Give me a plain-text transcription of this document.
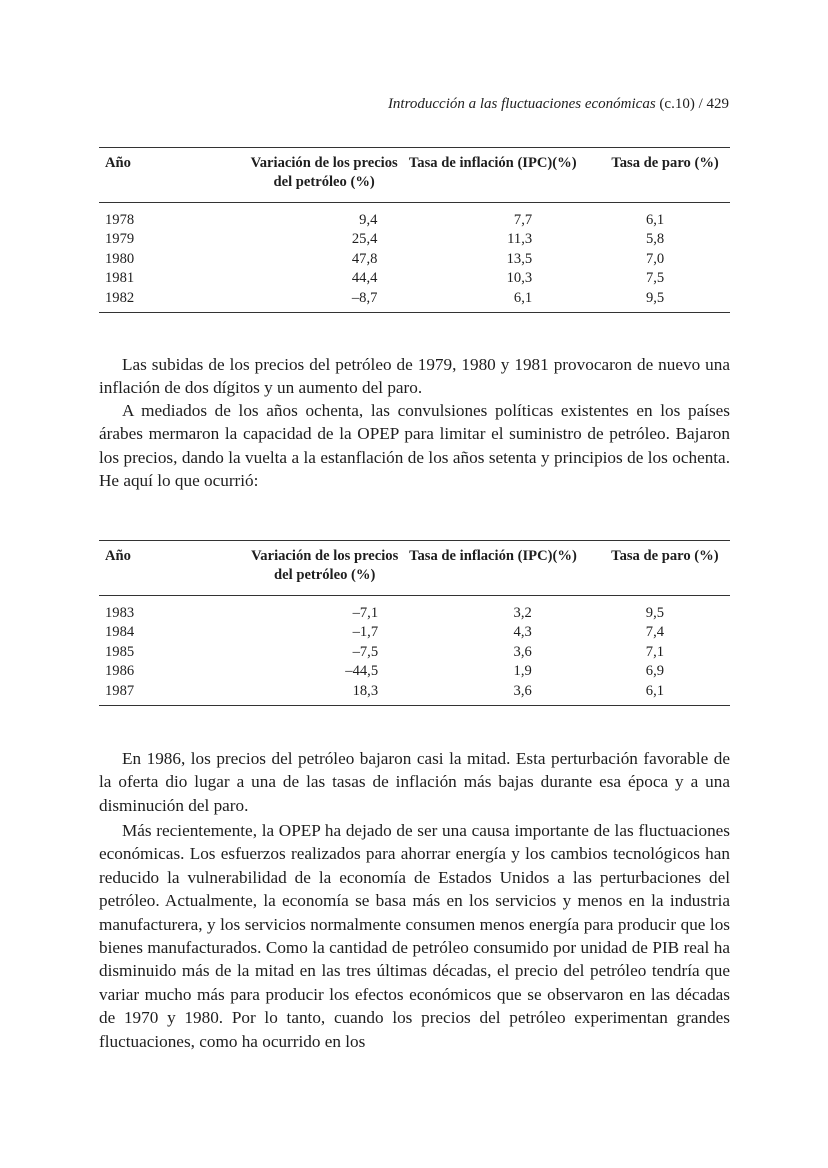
Introducción a las fluctuaciones económicas (c.10) / 429
Año	Variación de los precios del petróleo (%)	Tasa de inflación (IPC)(%)	Tasa de paro (%)
1978	9,4	7,7	6,1
1979	25,4	11,3	5,8
1980	47,8	13,5	7,0
1981	44,4	10,3	7,5
1982	–8,7	6,1	9,5

Las subidas de los precios del petróleo de 1979, 1980 y 1981 provocaron de nuevo una inflación de dos dígitos y un aumento del paro.

A mediados de los años ochenta, las convulsiones políticas existentes en los países árabes mermaron la capacidad de la OPEP para limitar el suministro de petróleo. Bajaron los precios, dando la vuelta a la estanflación de los años setenta y principios de los ochenta. He aquí lo que ocurrió:

Año	Variación de los precios del petróleo (%)	Tasa de inflación (IPC)(%)	Tasa de paro (%)
1983	–7,1	3,2	9,5
1984	–1,7	4,3	7,4
1985	–7,5	3,6	7,1
1986	–44,5	1,9	6,9
1987	18,3	3,6	6,1

En 1986, los precios del petróleo bajaron casi la mitad. Esta perturbación favorable de la oferta dio lugar a una de las tasas de inflación más bajas durante esa época y a una disminución del paro.

Más recientemente, la OPEP ha dejado de ser una causa importante de las fluctuaciones económicas. Los esfuerzos realizados para ahorrar energía y los cambios tecnológicos han reducido la vulnerabilidad de la economía de Estados Unidos a las perturbaciones del petróleo. Actualmente, la economía se basa más en los servicios y menos en la industria manufacturera, y los servicios normalmente consumen menos energía para producir que los bienes manufacturados. Como la cantidad de petróleo consumido por unidad de PIB real ha disminuido más de la mitad en las tres últimas décadas, el precio del petróleo tendría que variar mucho más para producir los efectos económicos que se observaron en las décadas de 1970 y 1980. Por lo tanto, cuando los precios del petróleo experimentan grandes fluctuaciones, como ha ocurrido en los
